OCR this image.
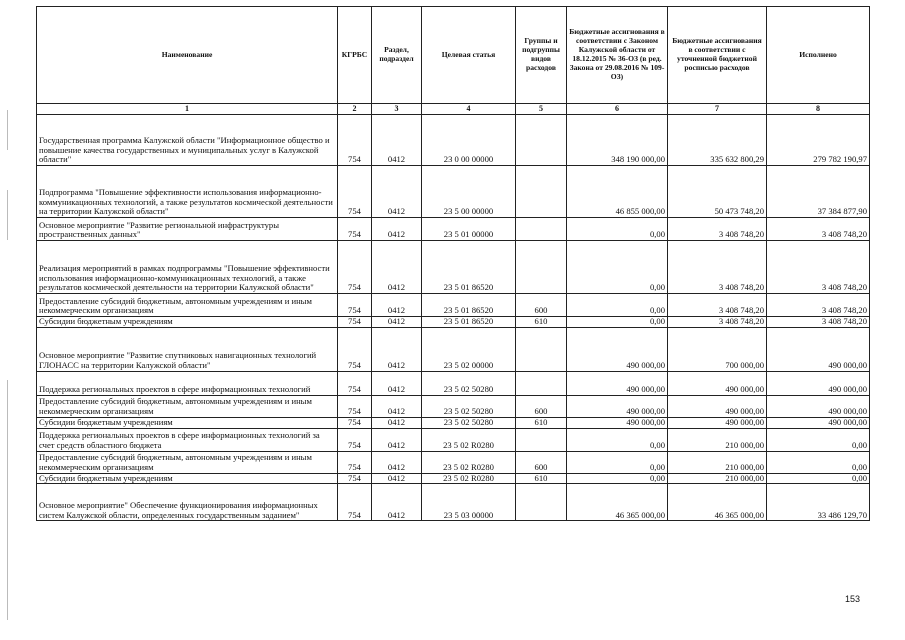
Наименование	КГРБС	Раздел, подраздел	Целевая статья	Группы и подгруппы видов расходов	Бюджетные ассигнования в соответствии с Законом Калужской области от 18.12.2015 № 36-ОЗ (в ред. Закона от 29.08.2016 № 109-ОЗ)	Бюджетные ассигнования в соответствии с уточненной бюджетной росписью расходов	Исполнено
1	2	3	4	5	6	7	8
Государственная программа Калужской области "Информационное общество и повышение качества государственных и муниципальных услуг в Калужской области"	754	0412	23 0 00 00000		348 190 000,00	335 632 800,29	279 782 190,97
Подпрограмма "Повышение эффективности использования информационно-коммуникационных технологий, а также результатов космической деятельности на территории Калужской области"	754	0412	23 5 00 00000		46 855 000,00	50 473 748,20	37 384 877,90
Основное мероприятие "Развитие региональной инфраструктуры пространственных данных"	754	0412	23 5 01 00000		0,00	3 408 748,20	3 408 748,20
Реализация мероприятий в рамках подпрограммы "Повышение эффективности использования информационно-коммуникационных технологий, а также результатов космической деятельности на территории Калужской области"	754	0412	23 5 01 86520		0,00	3 408 748,20	3 408 748,20
Предоставление субсидий бюджетным, автономным учреждениям и иным некоммерческим организациям	754	0412	23 5 01 86520	600	0,00	3 408 748,20	3 408 748,20
Субсидии бюджетным учреждениям	754	0412	23 5 01 86520	610	0,00	3 408 748,20	3 408 748,20
Основное мероприятие "Развитие спутниковых навигационных технологий ГЛОНАСС на территории Калужской области"	754	0412	23 5 02 00000		490 000,00	700 000,00	490 000,00
Поддержка региональных проектов в сфере информационных технологий	754	0412	23 5 02 50280		490 000,00	490 000,00	490 000,00
Предоставление субсидий бюджетным, автономным учреждениям и иным некоммерческим организациям	754	0412	23 5 02 50280	600	490 000,00	490 000,00	490 000,00
Субсидии бюджетным учреждениям	754	0412	23 5 02 50280	610	490 000,00	490 000,00	490 000,00
Поддержка региональных проектов в сфере информационных технологий за счет средств областного бюджета	754	0412	23 5 02 R0280		0,00	210 000,00	0,00
Предоставление субсидий бюджетным, автономным учреждениям и иным некоммерческим организациям	754	0412	23 5 02 R0280	600	0,00	210 000,00	0,00
Субсидии бюджетным учреждениям	754	0412	23 5 02 R0280	610	0,00	210 000,00	0,00
Основное мероприятие" Обеспечение функционирования информационных систем Калужской области, определенных государственным заданием"	754	0412	23 5 03 00000		46 365 000,00	46 365 000,00	33 486 129,70
153
